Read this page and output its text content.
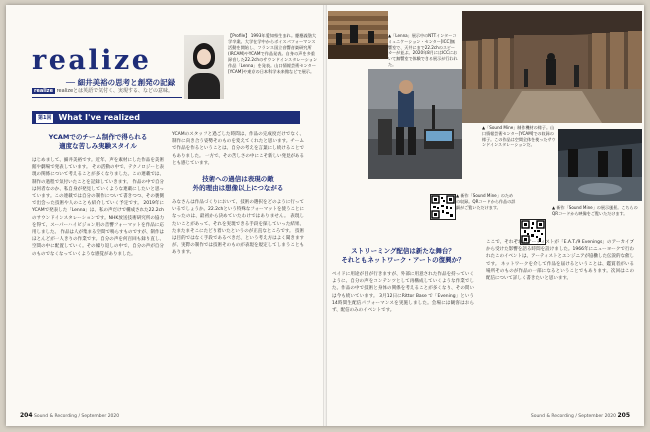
realize
── 細井美裕の思考と創発の記録
realize realizeとは英語で気付く、実現する、などの意味。
【Profile】 1993年愛知県生まれ。慶應義塾大学卒業。大学在学中からボイスパフォーマンス活動を開始し、フランス国立音響音楽研究所(IRCAM)やYCAMで作品発表。自身の声を多重録音した22.2chのサウンドインスタレーション作品「Lenna」を発表。山口情報芸術センター[YCAM]や東京の日本科学未来館などで展示。
第1回 What I've realized
YCAMでのチーム制作で得られる
適度な苦しみ実験スタイル

はじめまして、細井美裕です。近年、声を素材にした作品を美術館や劇場で発表しています。 その活動の中で、テクノロジーと表現の関係について考えることが多くなりました。この連載では、制作の過程で気付いたことを記録していきます。 作品の中で自分は何者なのか、私自身が発見していくような連載にしたいと思っています。この連載では自分の制作について書きつつ、その裏側で出会った技術や人のことも紹介していく予定です。 2019年にYCAMで発表した「Lenna」は、私の声だけで構成された22.2chのサウンドインスタレーションです。NHK放送技術研究所の協力を得て、スーパーハイビジョン用の音響フォーマットを作品に応用しました。 作品は人が集まる空間で鳴らすものですが、制作はほとんどが一人きりの作業です。自分の声を何百回も録り直し、空間の中に配置していく。その繰り返しの中で、自分の声が自分のものでなくなっていくような感覚がありました。

YCAMのスタッフと過ごした時間は、作品の完成度だけでなく、制作に向き合う姿勢そのものを変えてくれたと思います。チームで作品を作るということは、自分の考えを言葉にし続けることでもありました。 一方で、その苦しさの中にこそ新しい発見があるとも感じています。

技術への過信は表現の敵
外的理由は想像以上につながる

みなさんは作品づくりにおいて、技術の選択をどのように行っているでしょうか。22.2chという特殊なフォーマットを使うことになったのは、最初から決めていたわけではありません。 表現したいことがあって、それを実現できる手段を探していった結果、たまたまそこにたどり着いたというのが正直なところです。 技術は目的ではなく手段であるべきだ、という考え方はよく聞きますが、実際の制作では技術そのものが表現を規定してしまうこともあります。

204 Sound & Recording / September 2020
▲「Lenna」展示中のNTTインターコミュニケーション・センター[ICC]無響室で、天井にまで22.2chのスピーカーが並ぶ。2020年8月にはICCにおいて無響室で体験できる展示が行われた。
▲「Sound Mine」制作機材の様子。山口情報芸術センター[YCAM]での収録の様子。この作品は空間全体を使ったサウンドインスタレーションだ。
▲ 新作「Sound Mine」のための収録。QRコードから作品の詳細がご覧いただけます。	▲ 新作「Sound Mine」の展示風景。こちらのQRコードから映像をご覧いただけます。
ストリーミング配信は新たな舞台？
それともネットワーク・アートの復興か？

ベイドに用途が目が行きますが、外部に用意された作品を持っていくように、自分の声をコンテンツとして再構成していくような作業でした。作品の中で技術と身体の関係を考えることが多くなり、その問いは今も続いています。 3月12日にRittor Base で「Evening」という14時間生配信パフォーマンスを実施しました。会場には観客はおらず、配信のみのイベントです。

ここで、それぞれのアーティストが「E.A.T./9 Evenings」のアーカイブから受けた影響を語る時間を設けました。1966年にニューヨークで行われたこのイベントは、アーティストとエンジニアが協働した伝説的な催しです。 ネットワークを介して作品を届けるということは、鑑賞者がいる場所そのものが作品の一部になるということでもあります。次回はこの配信について詳しく書きたいと思います。

Sound & Recording / September 2020 205
